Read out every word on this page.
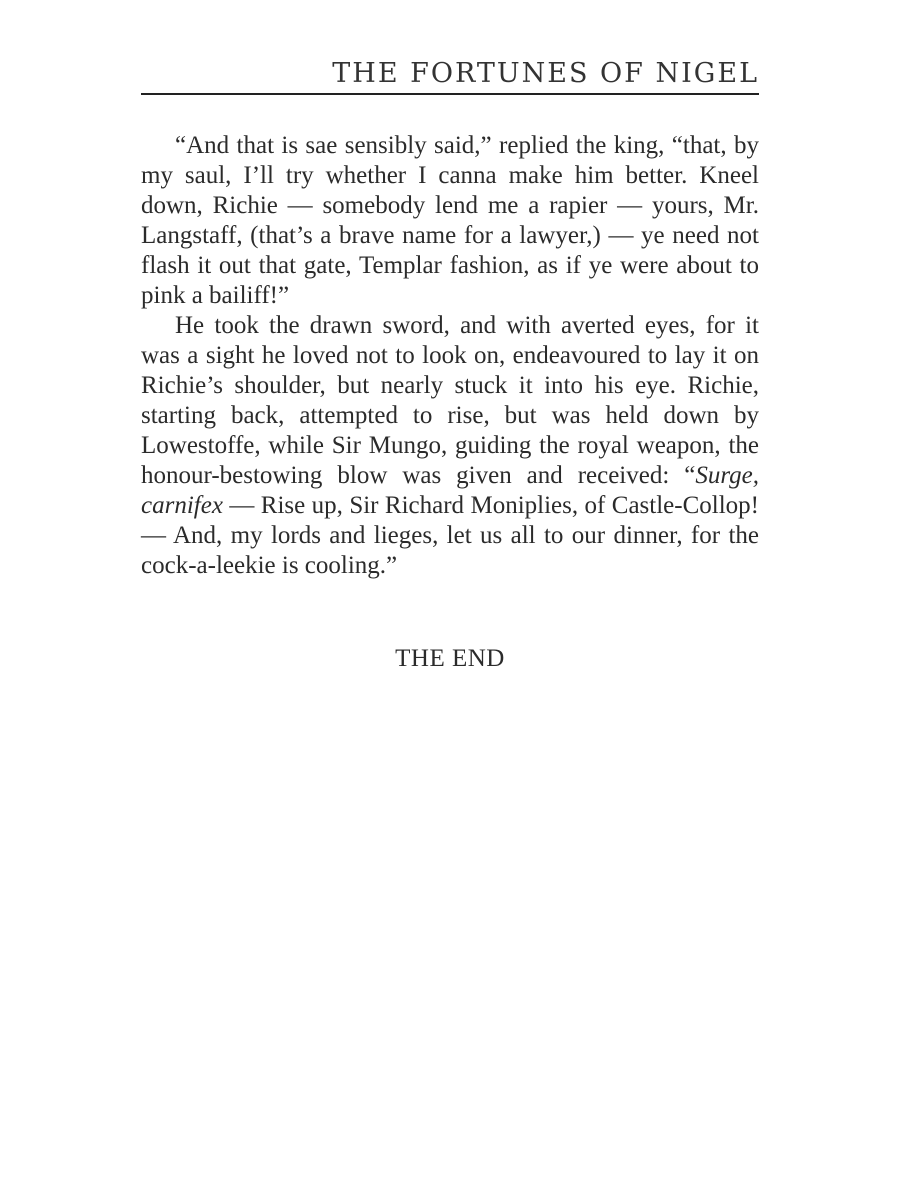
THE FORTUNES OF NIGEL

“And that is sae sensibly said,” replied the king, “that, by my saul, I’ll try whether I canna make him better. Kneel down, Richie — somebody lend me a rapier — yours, Mr. Langstaff, (that’s a brave name for a lawyer,) — ye need not flash it out that gate, Templar fashion, as if ye were about to pink a bailiff!”

He took the drawn sword, and with averted eyes, for it was a sight he loved not to look on, endeavoured to lay it on Richie’s shoulder, but nearly stuck it into his eye. Richie, starting back, attempted to rise, but was held down by Lowestoffe, while Sir Mungo, guiding the royal weapon, the honour-bestowing blow was given and received: “Surge, carnifex — Rise up, Sir Richard Moniplies, of Castle-Collop! — And, my lords and lieges, let us all to our dinner, for the cock-a-leekie is cooling.”

THE END
